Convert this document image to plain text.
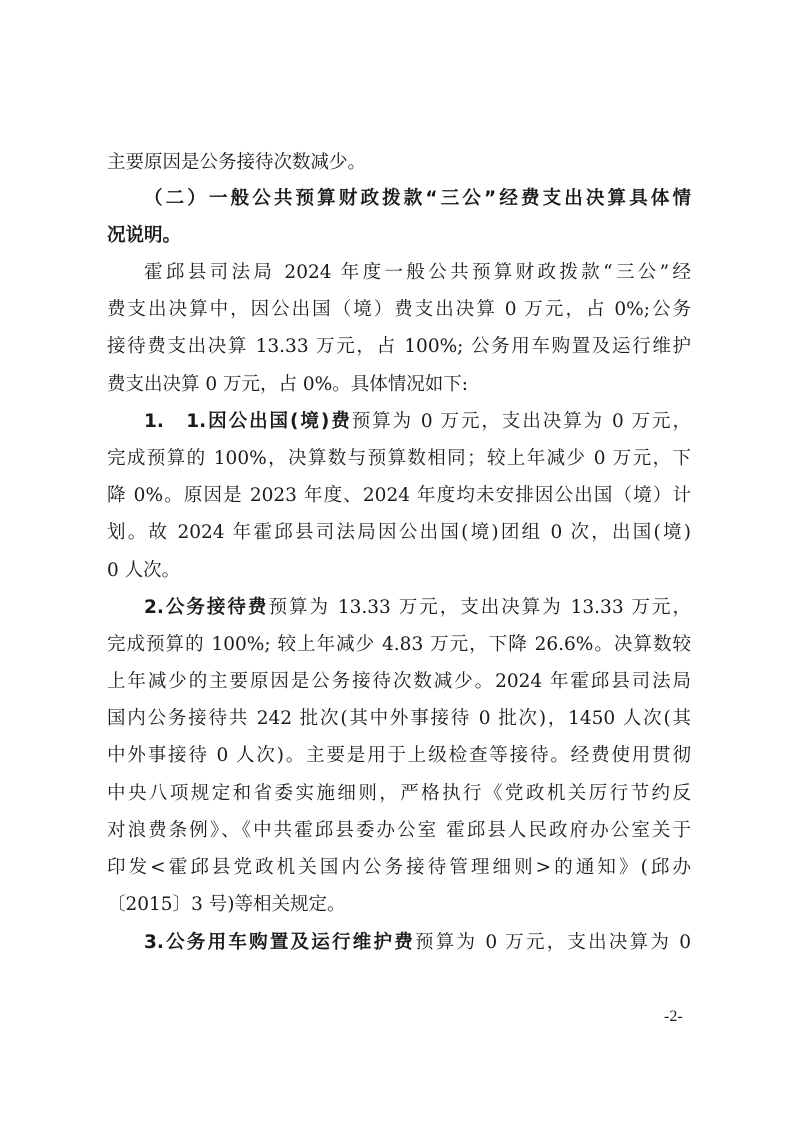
主要原因是公务接待次数减少。
（二）一般公共预算财政拨款“三公”经费支出决算具体情
况说明。
霍邱县司法局 2024 年度一般公共预算财政拨款“三公”经
费支出决算中，因公出国（境）费支出决算 0 万元，占 0%;公务
接待费支出决算 13.33 万元，占 100%; 公务用车购置及运行维护
费支出决算 0 万元，占 0%。具体情况如下:
1.　1.因公出国(境)费预算为 0 万元，支出决算为 0 万元，
完成预算的 100%，决算数与预算数相同；较上年减少 0 万元，下
降 0%。原因是 2023 年度、2024 年度均未安排因公出国（境）计
划。故 2024 年霍邱县司法局因公出国(境)团组 0 次，出国(境)
0 人次。
2.公务接待费预算为 13.33 万元，支出决算为 13.33 万元，
完成预算的 100%; 较上年减少 4.83 万元，下降 26.6%。决算数较
上年减少的主要原因是公务接待次数减少。2024 年霍邱县司法局
国内公务接待共 242 批次(其中外事接待 0 批次)，1450 人次(其
中外事接待 0 人次)。主要是用于上级检查等接待。经费使用贯彻
中央八项规定和省委实施细则，严格执行《党政机关厉行节约反
对浪费条例》、《中共霍邱县委办公室 霍邱县人民政府办公室关于
印发<霍邱县党政机关国内公务接待管理细则>的通知》(邱办
〔2015〕3 号)等相关规定。
3.公务用车购置及运行维护费预算为 0 万元，支出决算为 0
-2-
